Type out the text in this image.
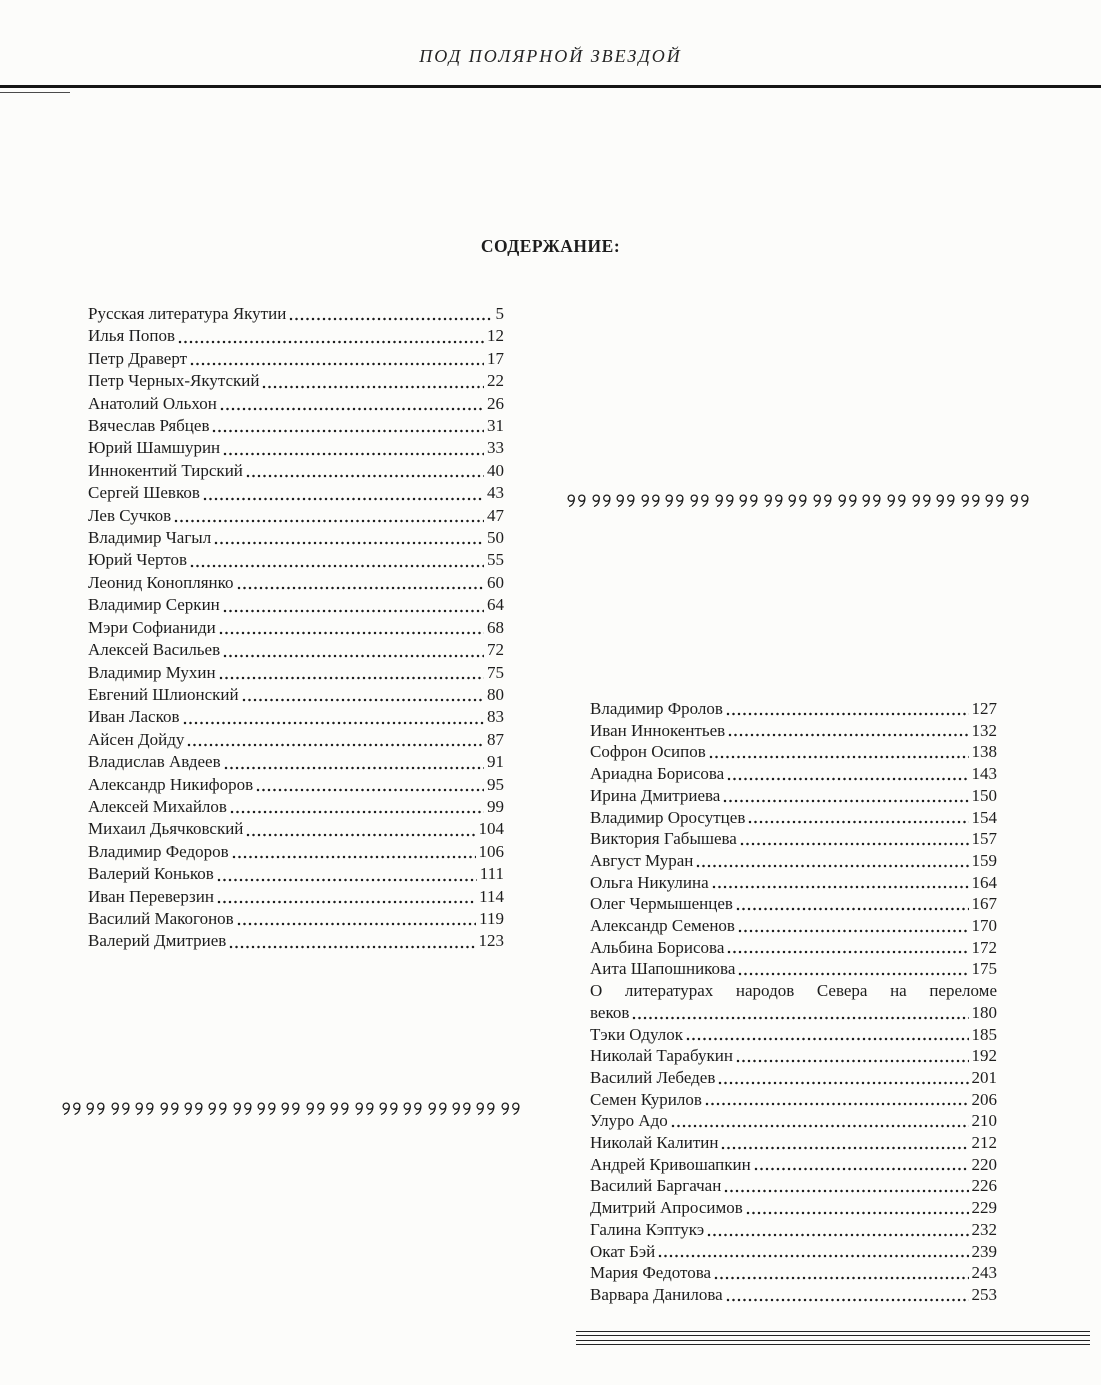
ПОД ПОЛЯРНОЙ ЗВЕЗДОЙ
СОДЕРЖАНИЕ:
Русская литература Якутии	5
Илья Попов	12
Петр Драверт	17
Петр Черных-Якутский	22
Анатолий Ольхон	26
Вячеслав Рябцев	31
Юрий Шамшурин	33
Иннокентий Тирский	40
Сергей Шевков	43
Лев Сучков	47
Владимир Чагыл	50
Юрий Чертов	55
Леонид Коноплянко	60
Владимир Серкин	64
Мэри Софианиди	68
Алексей Васильев	72
Владимир Мухин	75
Евгений Шлионский	80
Иван Ласков	83
Айсен Дойду	87
Владислав Авдеев	91
Александр Никифоров	95
Алексей Михайлов	99
Михаил Дьячковский	104
Владимир Федоров	106
Валерий Коньков	111
Иван Переверзин	114
Василий Макогонов	119
Валерий Дмитриев	123
Владимир Фролов	127
Иван Иннокентьев	132
Софрон Осипов	138
Ариадна Борисова	143
Ирина Дмитриева	150
Владимир Оросутцев	154
Виктория Габышева	157
Август Муран	159
Ольга Никулина	164
Олег Чермышенцев	167
Александр Семенов	170
Альбина Борисова	172
Аита Шапошникова	175
О литературах народов Севера на переломе
веков	180
Тэки Одулок	185
Николай Тарабукин	192
Василий Лебедев	201
Семен Курилов	206
Улуро Адо	210
Николай Калитин	212
Андрей Кривошапкин	220
Василий Баргачан	226
Дмитрий Апросимов	229
Галина Кэптукэ	232
Окат Бэй	239
Мария Федотова	243
Варвара Данилова	253
